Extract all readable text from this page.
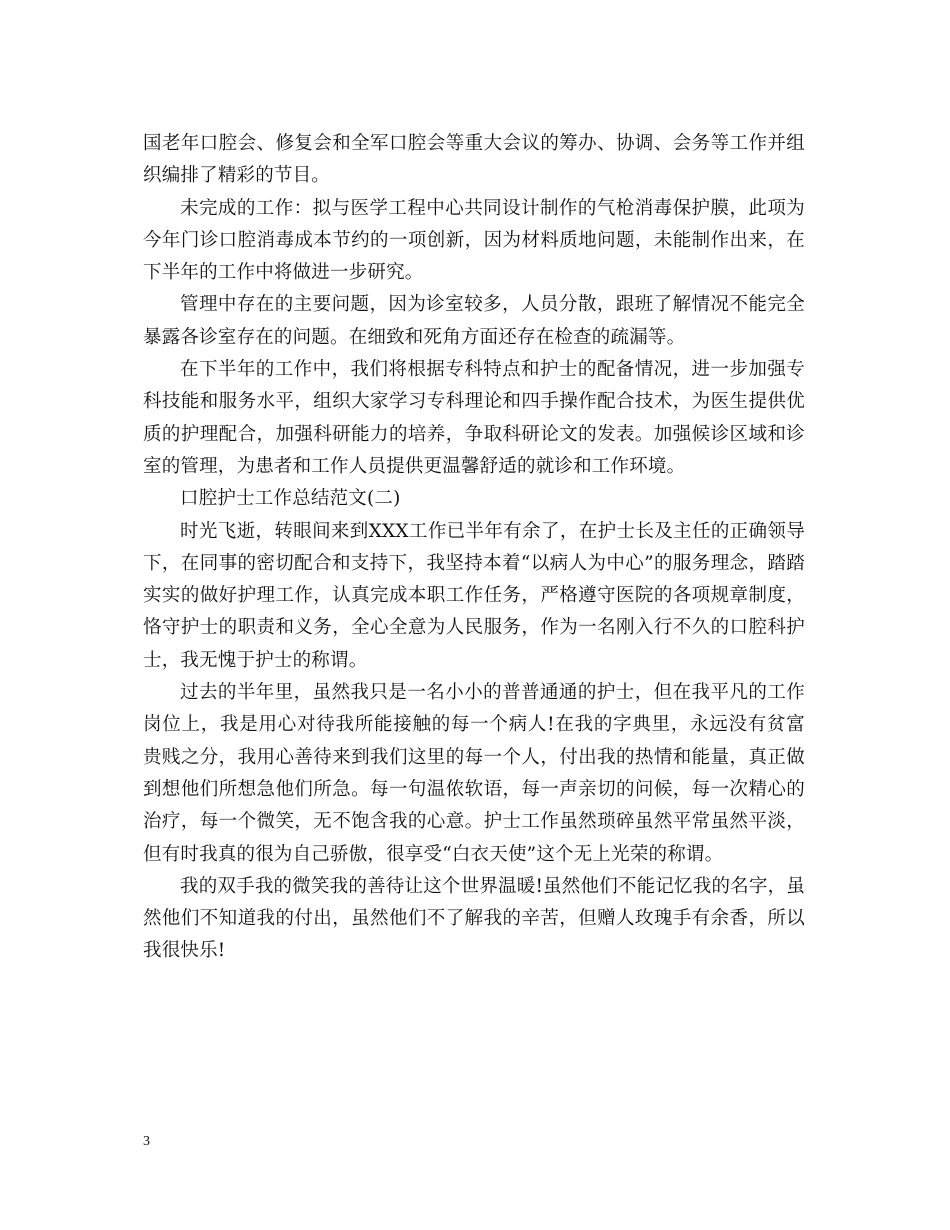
国老年口腔会、修复会和全军口腔会等重大会议的筹办、协调、会务等工作并组织编排了精彩的节目。

未完成的工作：拟与医学工程中心共同设计制作的气枪消毒保护膜，此项为今年门诊口腔消毒成本节约的一项创新，因为材料质地问题，未能制作出来，在下半年的工作中将做进一步研究。

管理中存在的主要问题，因为诊室较多，人员分散，跟班了解情况不能完全暴露各诊室存在的问题。在细致和死角方面还存在检查的疏漏等。

在下半年的工作中，我们将根据专科特点和护士的配备情况，进一步加强专科技能和服务水平，组织大家学习专科理论和四手操作配合技术，为医生提供优质的护理配合，加强科研能力的培养，争取科研论文的发表。加强候诊区域和诊室的管理，为患者和工作人员提供更温馨舒适的就诊和工作环境。

口腔护士工作总结范文(二)

时光飞逝，转眼间来到XXX工作已半年有余了，在护士长及主任的正确领导下，在同事的密切配合和支持下，我坚持本着“以病人为中心”的服务理念，踏踏实实的做好护理工作，认真完成本职工作任务，严格遵守医院的各项规章制度，恪守护士的职责和义务，全心全意为人民服务，作为一名刚入行不久的口腔科护士，我无愧于护士的称谓。

过去的半年里，虽然我只是一名小小的普普通通的护士，但在我平凡的工作岗位上，我是用心对待我所能接触的每一个病人!在我的字典里，永远没有贫富贵贱之分，我用心善待来到我们这里的每一个人，付出我的热情和能量，真正做到想他们所想急他们所急。每一句温侬软语，每一声亲切的问候，每一次精心的治疗，每一个微笑，无不饱含我的心意。护士工作虽然琐碎虽然平常虽然平淡，但有时我真的很为自己骄傲，很享受“白衣天使”这个无上光荣的称谓。

我的双手我的微笑我的善待让这个世界温暖!虽然他们不能记忆我的名字，虽然他们不知道我的付出，虽然他们不了解我的辛苦，但赠人玫瑰手有余香，所以我很快乐!

3
